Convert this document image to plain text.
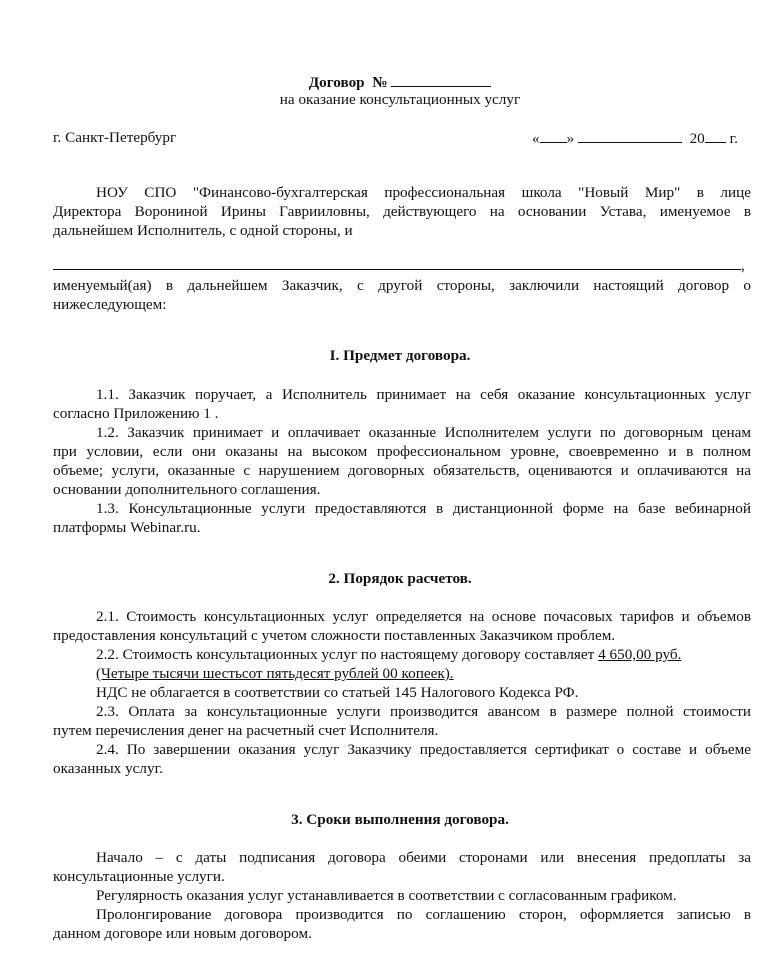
Договор №
на оказание консультационных услуг
г. Санкт-Петербург	« »	20 г.
НОУ СПО "Финансово-бухгалтерская профессиональная школа "Новый Мир" в лице
Директора Ворониной Ирины Гаврииловны, действующего на основании Устава, именуемое в
дальнейшем Исполнитель, с одной стороны, и
,
именуемый(ая) в дальнейшем Заказчик, с другой стороны, заключили настоящий договор о
нижеследующем:
I. Предмет договора.
1.1. Заказчик поручает, а Исполнитель принимает на себя оказание консультационных услуг
согласно Приложению 1 .
1.2. Заказчик принимает и оплачивает оказанные Исполнителем услуги по договорным ценам
при условии, если они оказаны на высоком профессиональном уровне, своевременно и в полном
объеме; услуги, оказанные с нарушением договорных обязательств, оцениваются и оплачиваются на
основании дополнительного соглашения.
1.3. Консультационные услуги предоставляются в дистанционной форме на базе вебинарной
платформы Webinar.ru.
2. Порядок расчетов.
2.1. Стоимость консультационных услуг определяется на основе почасовых тарифов и объемов
предоставления консультаций с учетом сложности поставленных Заказчиком проблем.
2.2. Стоимость консультационных услуг по настоящему договору составляет 4 650,00 руб.
(Четыре тысячи шестьсот пятьдесят рублей 00 копеек).
НДС не облагается в соответствии со статьей 145 Налогового Кодекса РФ.
2.3. Оплата за консультационные услуги производится авансом в размере полной стоимости
путем перечисления денег на расчетный счет Исполнителя.
2.4. По завершении оказания услуг Заказчику предоставляется сертификат о составе и объеме
оказанных услуг.
3. Сроки выполнения договора.
Начало – с даты подписания договора обеими сторонами или внесения предоплаты за
консультационные услуги.
Регулярность оказания услуг устанавливается в соответствии с согласованным графиком.
Пролонгирование договора производится по соглашению сторон, оформляется записью в
данном договоре или новым договором.
